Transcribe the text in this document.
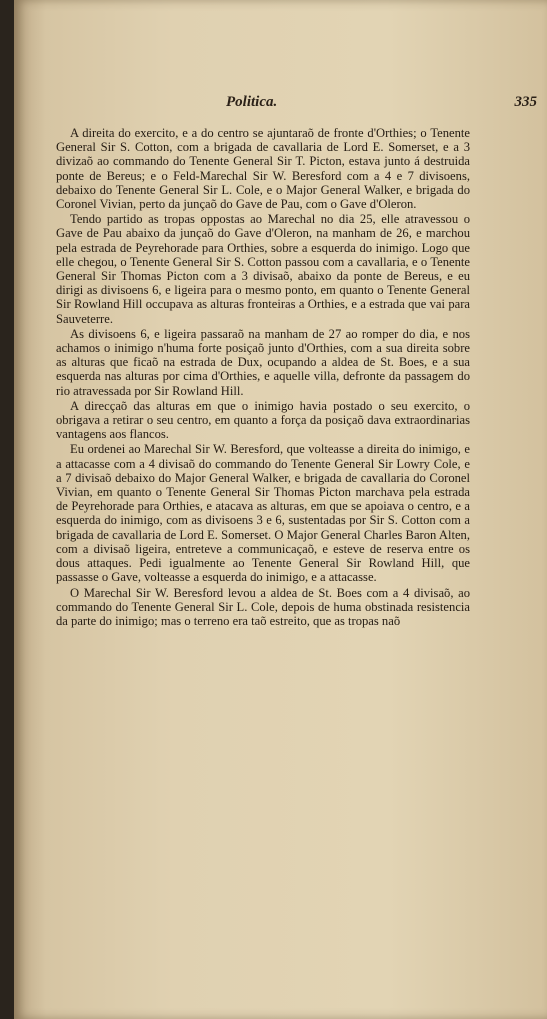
Politica.	335

A direita do exercito, e a do centro se ajuntaraõ de fronte d'Orthies; o Tenente General Sir S. Cotton, com a brigada de cavallaria de Lord E. Somerset, e a 3 divizaõ ao commando do Tenente General Sir T. Picton, estava junto á destruida ponte de Bereus; e o Feld-Marechal Sir W. Beresford com a 4 e 7 divisoens, debaixo do Tenente General Sir L. Cole, e o Major General Walker, e brigada do Coronel Vivian, perto da junçaõ do Gave de Pau, com o Gave d'Oleron.

Tendo partido as tropas oppostas ao Marechal no dia 25, elle atravessou o Gave de Pau abaixo da junçaõ do Gave d'Oleron, na manham de 26, e marchou pela estrada de Peyrehorade para Orthies, sobre a esquerda do inimigo. Logo que elle chegou, o Tenente General Sir S. Cotton passou com a cavallaria, e o Tenente General Sir Thomas Picton com a 3 divisaõ, abaixo da ponte de Bereus, e eu dirigi as divisoens 6, e ligeira para o mesmo ponto, em quanto o Tenente General Sir Rowland Hill occupava as alturas fronteiras a Orthies, e a estrada que vai para Sauveterre.

As divisoens 6, e ligeira passaraõ na manham de 27 ao romper do dia, e nos achamos o inimigo n'huma forte posiçaõ junto d'Orthies, com a sua direita sobre as alturas que ficaõ na estrada de Dux, ocupando a aldea de St. Boes, e a sua esquerda nas alturas por cima d'Orthies, e aquelle villa, defronte da passagem do rio atravessada por Sir Rowland Hill.

A direcçaõ das alturas em que o inimigo havia postado o seu exercito, o obrigava a retirar o seu centro, em quanto a força da posiçaõ dava extraordinarias vantagens aos flancos.

Eu ordenei ao Marechal Sir W. Beresford, que volteasse a direita do inimigo, e a attacasse com a 4 divisaõ do commando do Tenente General Sir Lowry Cole, e a 7 divisaõ debaixo do Major General Walker, e brigada de cavallaria do Coronel Vivian, em quanto o Tenente General Sir Thomas Picton marchava pela estrada de Peyrehorade para Orthies, e atacava as alturas, em que se apoiava o centro, e a esquerda do inimigo, com as divisoens 3 e 6, sustentadas por Sir S. Cotton com a brigada de cavallaria de Lord E. Somerset. O Major General Charles Baron Alten, com a divisaõ ligeira, entreteve a communicaçaõ, e esteve de reserva entre os dous attaques. Pedi igualmente ao Tenente General Sir Rowland Hill, que passasse o Gave, volteasse a esquerda do inimigo, e a attacasse.

O Marechal Sir W. Beresford levou a aldea de St. Boes com a 4 divisaõ, ao commando do Tenente General Sir L. Cole, depois de huma obstinada resistencia da parte do inimigo; mas o terreno era taõ estreito, que as tropas naõ
